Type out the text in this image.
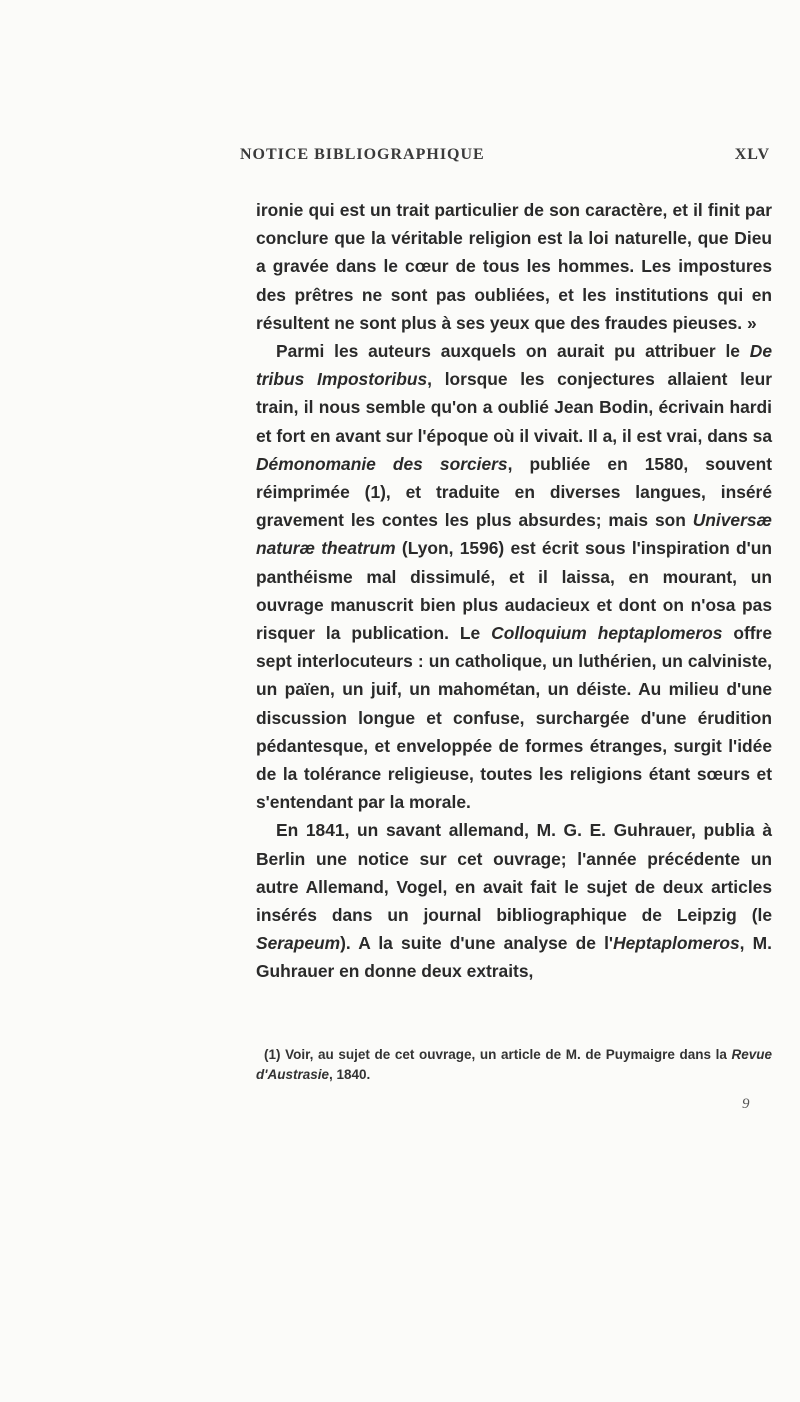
NOTICE BIBLIOGRAPHIQUE	XLV

ironie qui est un trait particulier de son caractère, et il finit par conclure que la véritable religion est la loi naturelle, que Dieu a gravée dans le cœur de tous les hommes. Les impostures des prêtres ne sont pas oubliées, et les institutions qui en résultent ne sont plus à ses yeux que des fraudes pieuses. »

Parmi les auteurs auxquels on aurait pu attribuer le De tribus Impostoribus, lorsque les conjectures allaient leur train, il nous semble qu'on a oublié Jean Bodin, écrivain hardi et fort en avant sur l'époque où il vivait. Il a, il est vrai, dans sa Démonomanie des sorciers, publiée en 1580, souvent réimprimée (1), et traduite en diverses langues, inséré gravement les contes les plus absurdes; mais son Universæ naturæ theatrum (Lyon, 1596) est écrit sous l'inspiration d'un panthéisme mal dissimulé, et il laissa, en mourant, un ouvrage manuscrit bien plus audacieux et dont on n'osa pas risquer la publication. Le Colloquium heptaplomeros offre sept interlocuteurs : un catholique, un luthérien, un calviniste, un païen, un juif, un mahométan, un déiste. Au milieu d'une discussion longue et confuse, surchargée d'une érudition pédantesque, et enveloppée de formes étranges, surgit l'idée de la tolérance religieuse, toutes les religions étant sœurs et s'entendant par la morale.

En 1841, un savant allemand, M. G. E. Guhrauer, publia à Berlin une notice sur cet ouvrage; l'année précédente un autre Allemand, Vogel, en avait fait le sujet de deux articles insérés dans un journal bibliographique de Leipzig (le Serapeum). A la suite d'une analyse de l'Heptaplomeros, M. Guhrauer en donne deux extraits,

(1) Voir, au sujet de cet ouvrage, un article de M. de Puymaigre dans la Revue d'Austrasie, 1840.

9
